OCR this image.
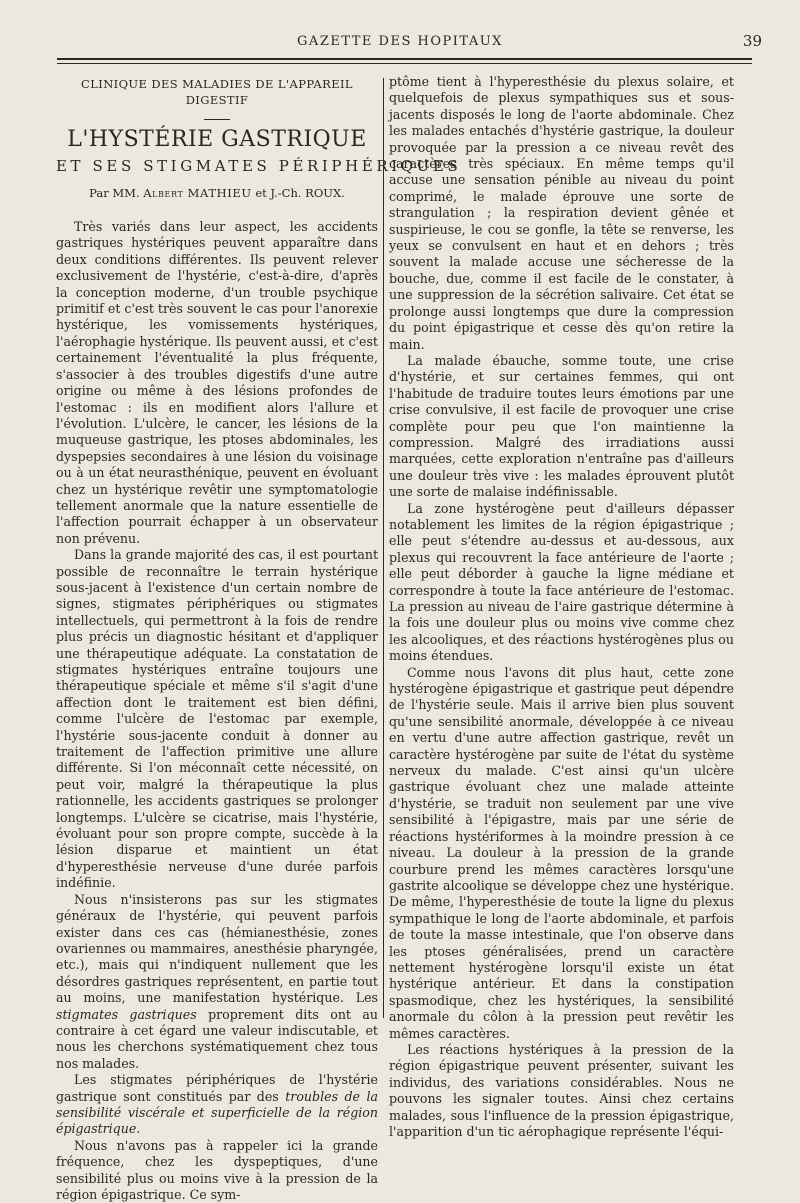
GAZETTE DES HOPITAUX	39
CLINIQUE DES MALADIES DE L'APPAREIL DIGESTIF
L'HYSTÉRIE GASTRIQUE
ET SES STIGMATES PÉRIPHÉRIQUES
Par MM. Albert MATHIEU et J.-Ch. ROUX.

Très variés dans leur aspect, les accidents gastriques hystériques peuvent apparaître dans deux conditions différentes. Ils peuvent relever exclusivement de l'hystérie, c'est-à-dire, d'après la conception moderne, d'un trouble psychique primitif et c'est très souvent le cas pour l'anorexie hystérique, les vomissements hystériques, l'aérophagie hystérique. Ils peuvent aussi, et c'est certainement l'éventualité la plus fréquente, s'associer à des troubles digestifs d'une autre origine ou même à des lésions profondes de l'estomac : ils en modifient alors l'allure et l'évolution. L'ulcère, le cancer, les lésions de la muqueuse gastrique, les ptoses abdominales, les dyspepsies secondaires à une lésion du voisinage ou à un état neurasthénique, peuvent en évoluant chez un hystérique revêtir une symptomatologie tellement anormale que la nature essentielle de l'affection pourrait échapper à un observateur non prévenu.

Dans la grande majorité des cas, il est pourtant possible de reconnaître le terrain hystérique sous-jacent à l'existence d'un certain nombre de signes, stigmates périphériques ou stigmates intellectuels, qui permettront à la fois de rendre plus précis un diagnostic hésitant et d'appliquer une thérapeutique adéquate. La constatation de stigmates hystériques entraîne toujours une thérapeutique spéciale et même s'il s'agit d'une affection dont le traitement est bien défini, comme l'ulcère de l'estomac par exemple, l'hystérie sous-jacente conduit à donner au traitement de l'affection primitive une allure différente. Si l'on méconnaît cette nécessité, on peut voir, malgré la thérapeutique la plus rationnelle, les accidents gastriques se prolonger longtemps. L'ulcère se cicatrise, mais l'hystérie, évoluant pour son propre compte, succède à la lésion disparue et maintient un état d'hyperesthésie nerveuse d'une durée parfois indéfinie.

Nous n'insisterons pas sur les stigmates généraux de l'hystérie, qui peuvent parfois exister dans ces cas (hémianesthésie, zones ovariennes ou mammaires, anesthésie pharyngée, etc.), mais qui n'indiquent nullement que les désordres gastriques représentent, en partie tout au moins, une manifestation hystérique. Les stigmates gastriques proprement dits ont au contraire à cet égard une valeur indiscutable, et nous les cherchons systématiquement chez tous nos malades.

Les stigmates périphériques de l'hystérie gastrique sont constitués par des troubles de la sensibilité viscérale et superficielle de la région épigastrique.

Nous n'avons pas à rappeler ici la grande fréquence, chez les dyspeptiques, d'une sensibilité plus ou moins vive à la pression de la région épigastrique. Ce sym-

ptôme tient à l'hyperesthésie du plexus solaire, et quelquefois de plexus sympathiques sus et sous-jacents disposés le long de l'aorte abdominale. Chez les malades entachés d'hystérie gastrique, la douleur provoquée par la pression a ce niveau revêt des caractères très spéciaux. En même temps qu'il accuse une sensation pénible au niveau du point comprimé, le malade éprouve une sorte de strangulation ; la respiration devient gênée et suspirieuse, le cou se gonfle, la tête se renverse, les yeux se convulsent en haut et en dehors ; très souvent la malade accuse une sécheresse de la bouche, due, comme il est facile de le constater, à une suppression de la sécrétion salivaire. Cet état se prolonge aussi longtemps que dure la compression du point épigastrique et cesse dès qu'on retire la main.

La malade ébauche, somme toute, une crise d'hystérie, et sur certaines femmes, qui ont l'habitude de traduire toutes leurs émotions par une crise convulsive, il est facile de provoquer une crise complète pour peu que l'on maintienne la compression. Malgré des irradiations aussi marquées, cette exploration n'entraîne pas d'ailleurs une douleur très vive : les malades éprouvent plutôt une sorte de malaise indéfinissable.

La zone hystérogène peut d'ailleurs dépasser notablement les limites de la région épigastrique ; elle peut s'étendre au-dessus et au-dessous, aux plexus qui recouvrent la face antérieure de l'aorte ; elle peut déborder à gauche la ligne médiane et correspondre à toute la face antérieure de l'estomac. La pression au niveau de l'aire gastrique détermine à la fois une douleur plus ou moins vive comme chez les alcooliques, et des réactions hystérogènes plus ou moins étendues.

Comme nous l'avons dit plus haut, cette zone hystérogène épigastrique et gastrique peut dépendre de l'hystérie seule. Mais il arrive bien plus souvent qu'une sensibilité anormale, développée à ce niveau en vertu d'une autre affection gastrique, revêt un caractère hystérogène par suite de l'état du système nerveux du malade. C'est ainsi qu'un ulcère gastrique évoluant chez une malade atteinte d'hystérie, se traduit non seulement par une vive sensibilité à l'épigastre, mais par une série de réactions hystériformes à la moindre pression à ce niveau. La douleur à la pression de la grande courbure prend les mêmes caractères lorsqu'une gastrite alcoolique se développe chez une hystérique. De même, l'hyperesthésie de toute la ligne du plexus sympathique le long de l'aorte abdominale, et parfois de toute la masse intestinale, que l'on observe dans les ptoses généralisées, prend un caractère nettement hystérogène lorsqu'il existe un état hystérique antérieur. Et dans la constipation spasmodique, chez les hystériques, la sensibilité anormale du côlon à la pression peut revêtir les mêmes caractères.

Les réactions hystériques à la pression de la région épigastrique peuvent présenter, suivant les individus, des variations considérables. Nous ne pouvons les signaler toutes. Ainsi chez certains malades, sous l'influence de la pression épigastrique, l'apparition d'un tic aérophagique représente l'équi-
